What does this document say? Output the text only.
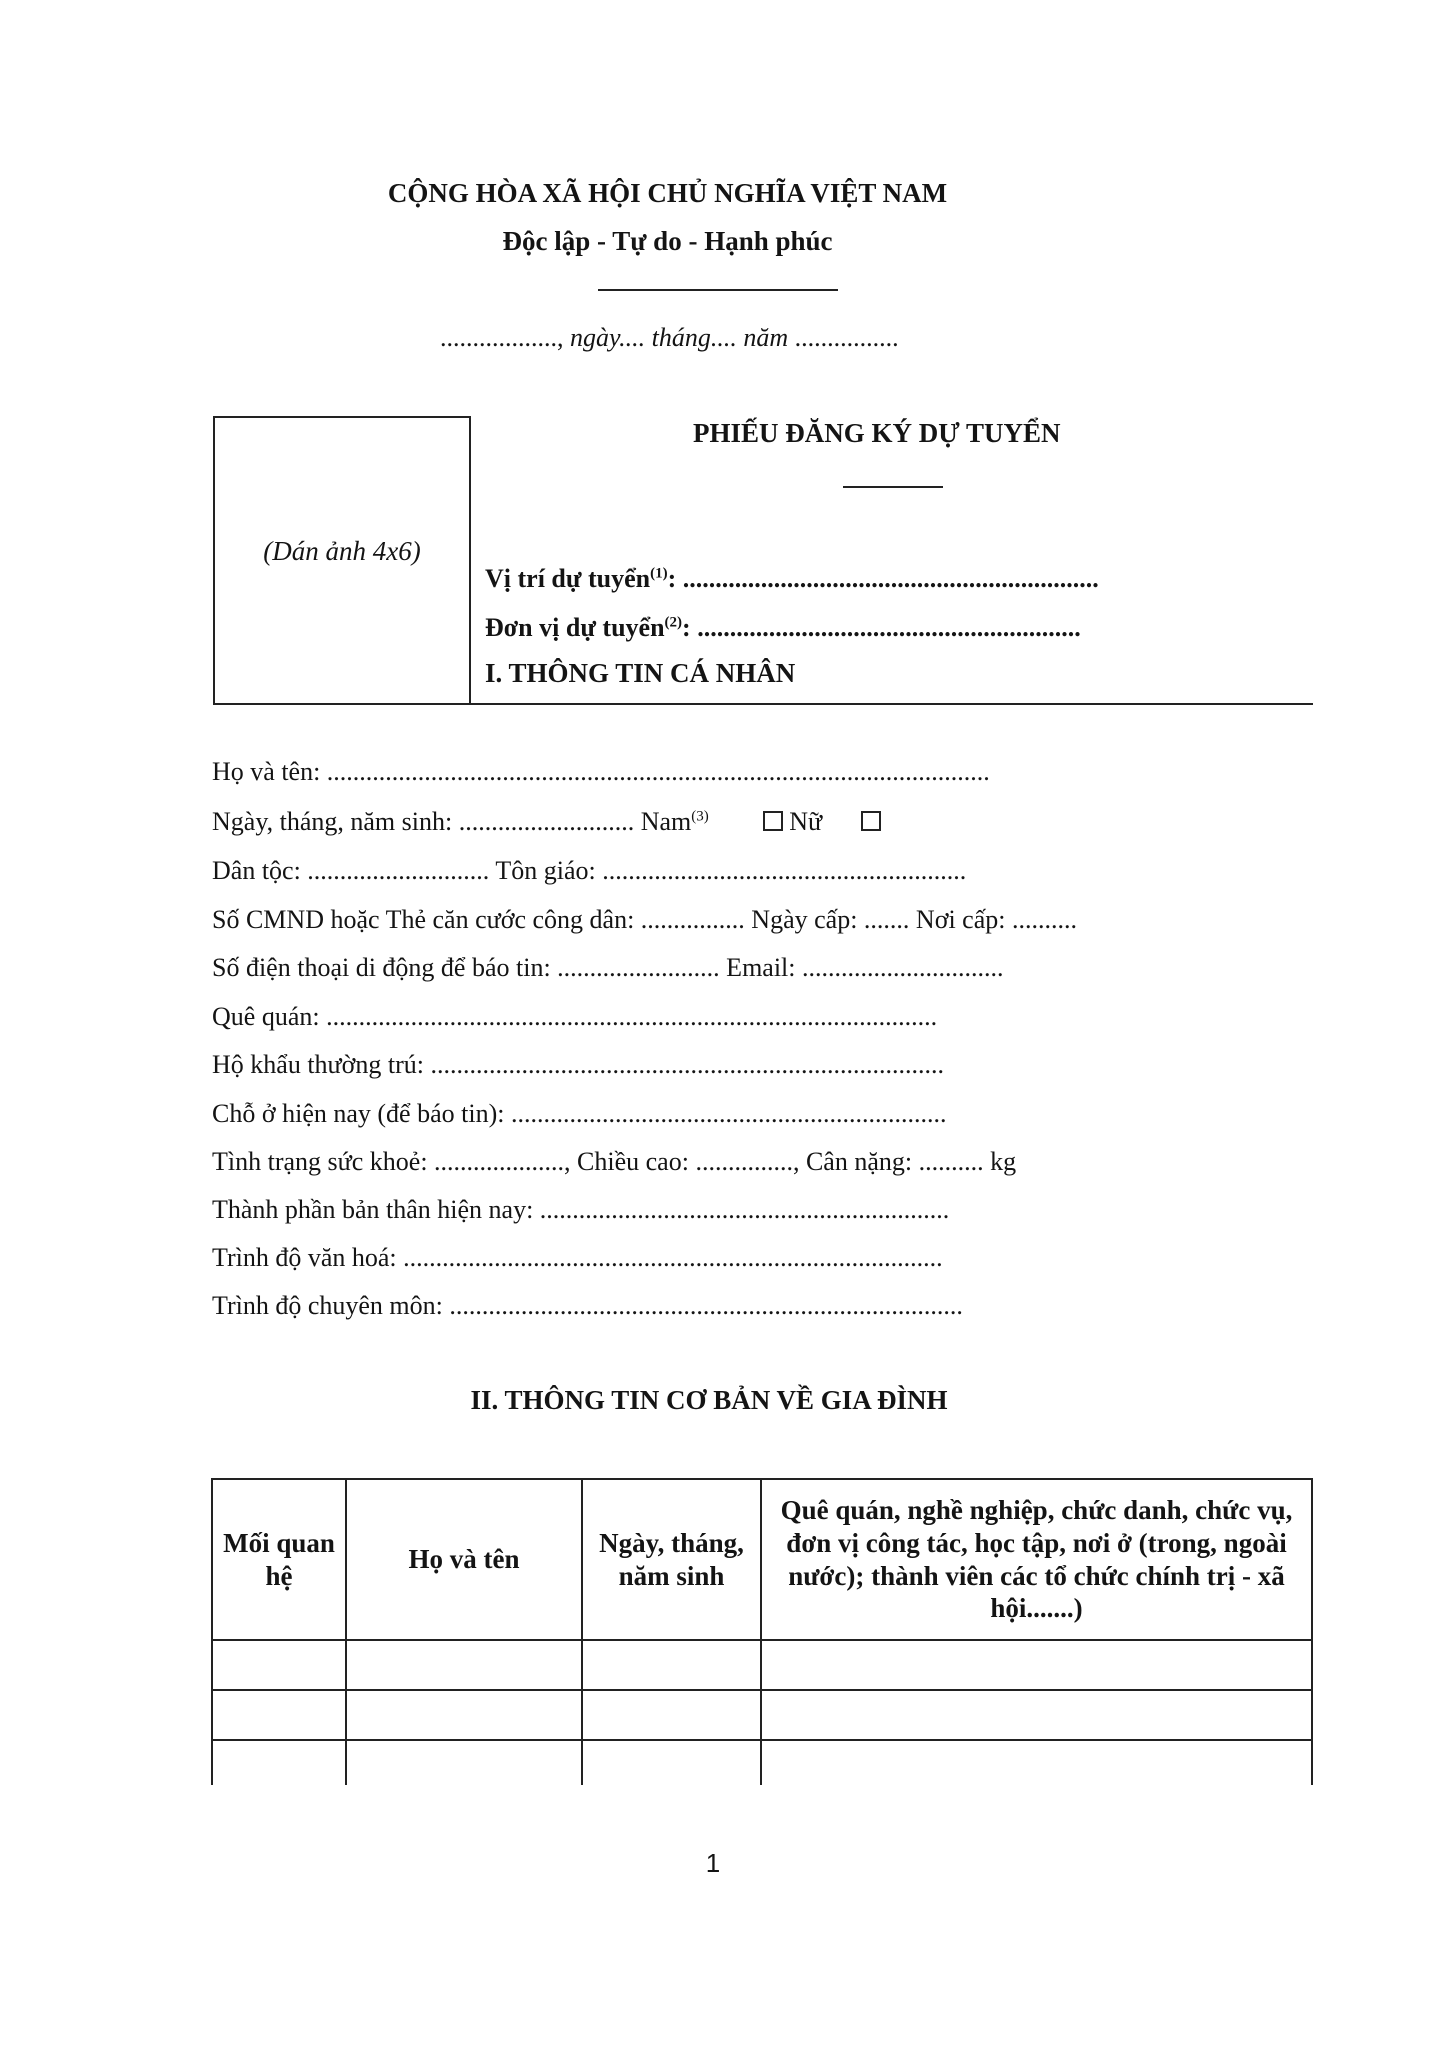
CỘNG HÒA XÃ HỘI CHỦ NGHĨA VIỆT NAM
Độc lập - Tự do - Hạnh phúc
.................., ngày.... tháng.... năm ................
(Dán ảnh 4x6)
PHIẾU ĐĂNG KÝ DỰ TUYỂN
Vị trí dự tuyển$^{(1)}$: ................................................................
Đơn vị dự tuyển$^{(2)}$: ...........................................................
I. THÔNG TIN CÁ NHÂN
Họ và tên: ......................................................................................................
Ngày, tháng, năm sinh: ........................... Nam$^{(3)}$	Nữ
Dân tộc: ............................ Tôn giáo: ........................................................
Số CMND hoặc Thẻ căn cước công dân: ................ Ngày cấp: ....... Nơi cấp: ..........
Số điện thoại di động để báo tin: ......................... Email: ...............................
Quê quán: ..............................................................................................
Hộ khẩu thường trú: ...............................................................................
Chỗ ở hiện nay (để báo tin): ...................................................................
Tình trạng sức khoẻ: ...................., Chiều cao: ..............., Cân nặng: .......... kg
Thành phần bản thân hiện nay: ...............................................................
Trình độ văn hoá: ...................................................................................
Trình độ chuyên môn: ...............................................................................
II. THÔNG TIN CƠ BẢN VỀ GIA ĐÌNH
Mối quan hệ	Họ và tên	Ngày, tháng, năm sinh	Quê quán, nghề nghiệp, chức danh, chức vụ, đơn vị công tác, học tập, nơi ở (trong, ngoài nước); thành viên các tổ chức chính trị - xã hội.......)

1
